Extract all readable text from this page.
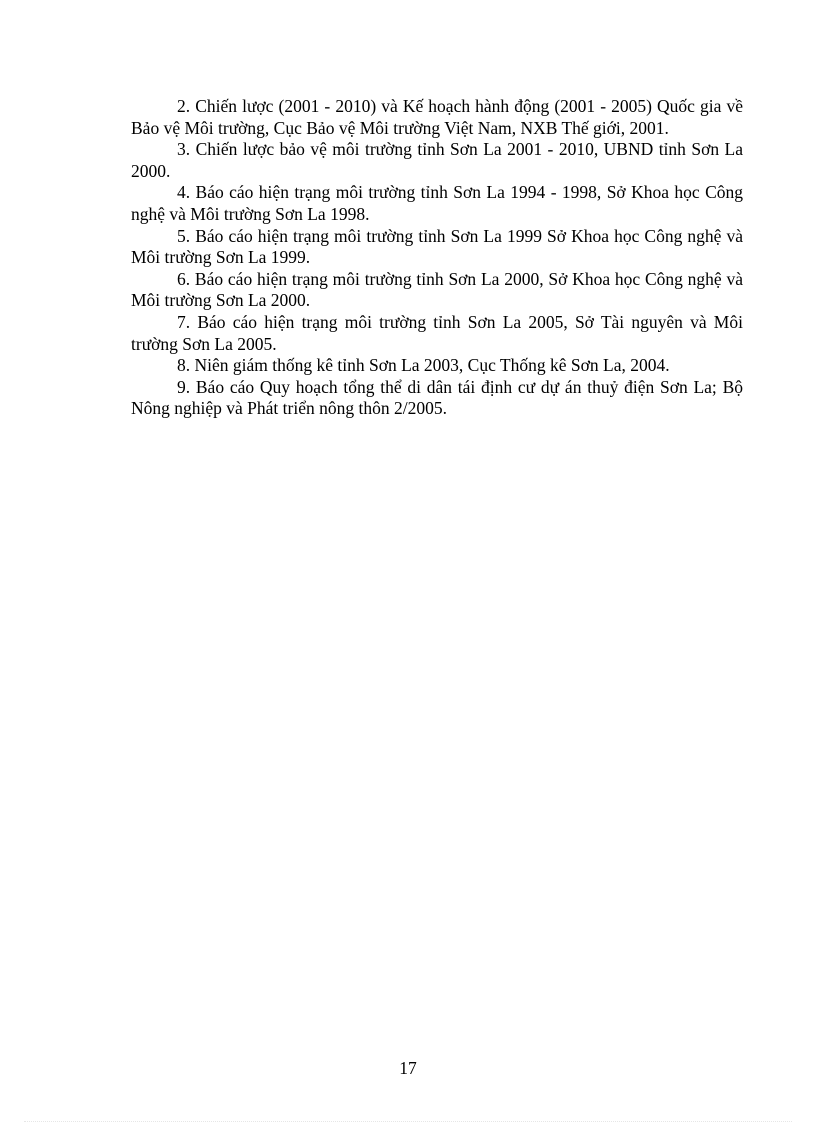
2. Chiến lược (2001 - 2010) và Kế hoạch hành động (2001 - 2005) Quốc gia về Bảo vệ Môi trường, Cục Bảo vệ Môi trường Việt Nam, NXB Thế giới, 2001.
3. Chiến lược bảo vệ môi trường tỉnh Sơn La 2001 - 2010, UBND tỉnh Sơn La 2000.
4. Báo cáo hiện trạng môi trường tỉnh Sơn La 1994 - 1998, Sở Khoa học Công nghệ và Môi trường Sơn La 1998.
5. Báo cáo hiện trạng môi trường tỉnh Sơn La 1999 Sở Khoa học Công nghệ và Môi trường Sơn La 1999.
6. Báo cáo hiện trạng môi trường tỉnh Sơn La 2000, Sở Khoa học Công nghệ và Môi trường Sơn La 2000.
7. Báo cáo hiện trạng môi trường tỉnh Sơn La 2005, Sở Tài nguyên và Môi trường Sơn La 2005.
8. Niên giám thống kê tỉnh Sơn La 2003, Cục Thống kê Sơn La, 2004.
9. Báo cáo Quy hoạch tổng thể di dân tái định cư dự án thuỷ điện Sơn La; Bộ Nông nghiệp và Phát triển nông thôn 2/2005.
17
